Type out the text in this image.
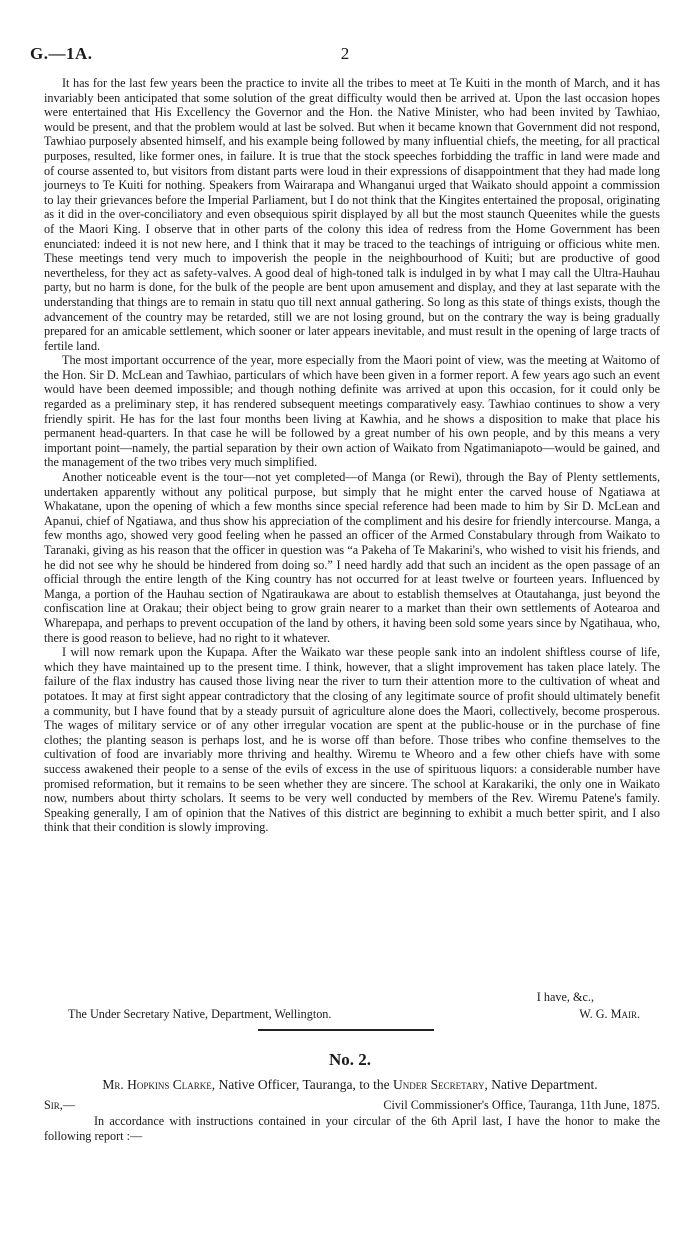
G.—1A.	2

It has for the last few years been the practice to invite all the tribes to meet at Te Kuiti in the month of March, and it has invariably been anticipated that some solution of the great difficulty would then be arrived at. Upon the last occasion hopes were entertained that His Excellency the Governor and the Hon. the Native Minister, who had been invited by Tawhiao, would be present, and that the problem would at last be solved. But when it became known that Government did not respond, Tawhiao purposely absented himself, and his example being followed by many influential chiefs, the meeting, for all practical purposes, resulted, like former ones, in failure. It is true that the stock speeches forbidding the traffic in land were made and of course assented to, but visitors from distant parts were loud in their expressions of disappointment that they had made long journeys to Te Kuiti for nothing. Speakers from Wairarapa and Whanganui urged that Waikato should appoint a commission to lay their grievances before the Imperial Parliament, but I do not think that the Kingites entertained the proposal, originating as it did in the over-conciliatory and even obsequious spirit displayed by all but the most staunch Queenites while the guests of the Maori King. I observe that in other parts of the colony this idea of redress from the Home Government has been enunciated: indeed it is not new here, and I think that it may be traced to the teachings of intriguing or officious white men. These meetings tend very much to impoverish the people in the neighbourhood of Kuiti; but are productive of good nevertheless, for they act as safety-valves. A good deal of high-toned talk is indulged in by what I may call the Ultra-Hauhau party, but no harm is done, for the bulk of the people are bent upon amusement and display, and they at last separate with the understanding that things are to remain in statu quo till next annual gathering. So long as this state of things exists, though the advancement of the country may be retarded, still we are not losing ground, but on the contrary the way is being gradually prepared for an amicable settlement, which sooner or later appears inevitable, and must result in the opening of large tracts of fertile land.

The most important occurrence of the year, more especially from the Maori point of view, was the meeting at Waitomo of the Hon. Sir D. McLean and Tawhiao, particulars of which have been given in a former report. A few years ago such an event would have been deemed impossible; and though nothing definite was arrived at upon this occasion, for it could only be regarded as a preliminary step, it has rendered subsequent meetings comparatively easy. Tawhiao continues to show a very friendly spirit. He has for the last four months been living at Kawhia, and he shows a disposition to make that place his permanent head-quarters. In that case he will be followed by a great number of his own people, and by this means a very important point—namely, the partial separation by their own action of Waikato from Ngatimaniapoto—would be gained, and the management of the two tribes very much simplified.

Another noticeable event is the tour—not yet completed—of Manga (or Rewi), through the Bay of Plenty settlements, undertaken apparently without any political purpose, but simply that he might enter the carved house of Ngatiawa at Whakatane, upon the opening of which a few months since special reference had been made to him by Sir D. McLean and Apanui, chief of Ngatiawa, and thus show his appreciation of the compliment and his desire for friendly intercourse. Manga, a few months ago, showed very good feeling when he passed an officer of the Armed Constabulary through from Waikato to Taranaki, giving as his reason that the officer in question was “a Pakeha of Te Makarini's, who wished to visit his friends, and he did not see why he should be hindered from doing so.” I need hardly add that such an incident as the open passage of an official through the entire length of the King country has not occurred for at least twelve or fourteen years. Influenced by Manga, a portion of the Hauhau section of Ngatiraukawa are about to establish themselves at Otautahanga, just beyond the confiscation line at Orakau; their object being to grow grain nearer to a market than their own settlements of Aotearoa and Wharepapa, and perhaps to prevent occupation of the land by others, it having been sold some years since by Ngatihaua, who, there is good reason to believe, had no right to it whatever.

I will now remark upon the Kupapa. After the Waikato war these people sank into an indolent shiftless course of life, which they have maintained up to the present time. I think, however, that a slight improvement has taken place lately. The failure of the flax industry has caused those living near the river to turn their attention more to the cultivation of wheat and potatoes. It may at first sight appear contradictory that the closing of any legitimate source of profit should ultimately benefit a community, but I have found that by a steady pursuit of agriculture alone does the Maori, collectively, become prosperous. The wages of military service or of any other irregular vocation are spent at the public-house or in the purchase of fine clothes; the planting season is perhaps lost, and he is worse off than before. Those tribes who confine themselves to the cultivation of food are invariably more thriving and healthy. Wiremu te Wheoro and a few other chiefs have with some success awakened their people to a sense of the evils of excess in the use of spirituous liquors: a considerable number have promised reformation, but it remains to be seen whether they are sincere. The school at Karakariki, the only one in Waikato now, numbers about thirty scholars. It seems to be very well conducted by members of the Rev. Wiremu Patene's family. Speaking generally, I am of opinion that the Natives of this district are beginning to exhibit a much better spirit, and I also think that their condition is slowly improving.

I have, &c.,
The Under Secretary Native, Department, Wellington.	W. G. Mair.
No. 2.
Mr. Hopkins Clarke, Native Officer, Tauranga, to the Under Secretary, Native Department.
Sir,—	Civil Commissioner's Office, Tauranga, 11th June, 1875.

In accordance with instructions contained in your circular of the 6th April last, I have the honor to make the following report :—
